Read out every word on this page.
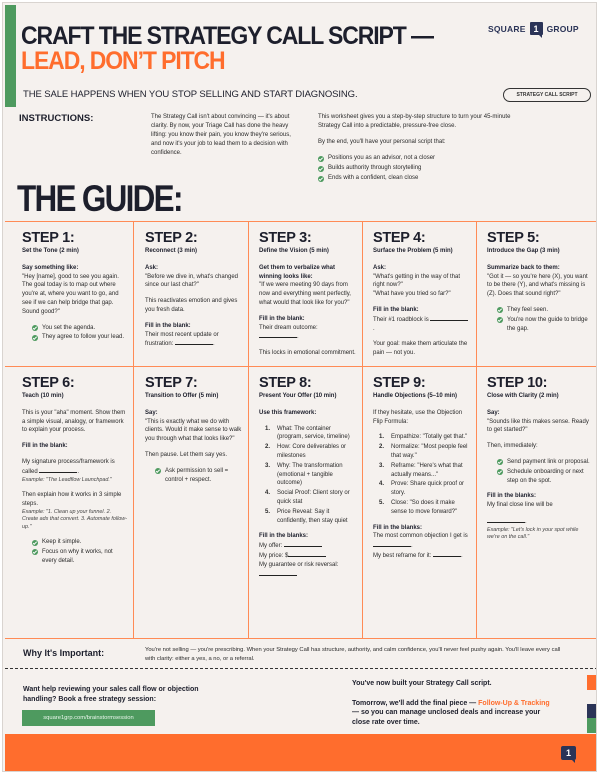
CRAFT THE STRATEGY CALL SCRIPT —
LEAD, DON’T PITCH
SQUARE 1 GROUP
THE SALE HAPPENS WHEN YOU STOP SELLING AND START DIAGNOSING.	STRATEGY CALL SCRIPT
INSTRUCTIONS:	The Strategy Call isn't about convincing — it's about clarity. By now, your Triage Call has done the heavy lifting: you know their pain, you know they're serious, and now it's your job to lead them to a decision with confidence.

This worksheet gives you a step-by-step structure to turn your 45-minute Strategy Call into a predictable, pressure-free close.

By the end, you'll have your personal script that:

Positions you as an advisor, not a closer
Builds authority through storytelling
Ends with a confident, clean close
THE GUIDE:
STEP 1:
Set the Tone (2 min)
Say something like:

"Hey [name], good to see you again. The goal today is to map out where you're at, where you want to go, and see if we can help bridge that gap. Sound good?"

You set the agenda.
They agree to follow your lead.
STEP 2:
Reconnect (3 min)
Ask:

"Before we dive in, what's changed since our last chat?"

This reactivates emotion and gives you fresh data.

Fill in the blank:
Their most recent update or frustration:	.
STEP 3:
Define the Vision (5 min)
Get them to verbalize what winning looks like:

"If we were meeting 90 days from now and everything went perfectly, what would that look like for you?"

Fill in the blank:
Their dream outcome:

.

This locks in emotional commitment.

STEP 4:
Surface the Problem (5 min)
Ask:
"What's getting in the way of that right now?"

"What have you tried so far?"

Fill in the blank:

Their #1 roadblock is .

Your goal: make them articulate the pain — not you.

STEP 5:
Introduce the Gap (3 min)
Summarize back to them:

"Got it — so you're here (X), you want to be there (Y), and what's missing is (Z). Does that sound right?"

They feel seen.
You're now the guide to bridge the gap.
STEP 6:
Teach (10 min)

This is your "aha" moment. Show them a simple visual, analogy, or framework to explain your process.

Fill in the blank:

My signature process/framework is called	.

Example: "The Leadflow Launchpad."

Then explain how it works in 3 simple steps.

Example: "1. Clean up your funnel. 2. Create ads that convert. 3. Automate follow-up."

Keep it simple.
Focus on why it works, not every detail.
STEP 7:
Transition to Offer (5 min)
Say:

"This is exactly what we do with clients. Would it make sense to walk you through what that looks like?"

Then pause. Let them say yes.

Ask permission to sell = control + respect.
STEP 8:
Present Your Offer (10 min)

Use this framework:

1.	What: The container (program, service, timeline)
2.	How: Core deliverables or milestones
3.	Why: The transformation (emotional + tangible outcome)
4.	Social Proof: Client story or quick stat
5.	Price Reveal: Say it confidently, then stay quiet
Fill in the blanks:
My offer:
My price: $
My guarantee or risk reversal:
STEP 9:
Handle Objections (5–10 min)

If they hesitate, use the Objection Flip Formula:

1.	Empathize: "Totally get that."
2.	Normalize: "Most people feel that way."
3.	Reframe: "Here's what that actually means..."
4.	Prove: Share quick proof or story.
5.	Close: "So does it make sense to move forward?"
Fill in the blanks:
The most common objection I get is .
My best reframe for it:	.
STEP 10:
Close with Clarity (2 min)
Say:

"Sounds like this makes sense. Ready to get started?"

Then, immediately:

Send payment link or proposal.
Schedule onboarding or next step on the spot.
Fill in the blanks:

My final close line will be

.
Example: "Let's lock in your spot while we're on the call."
Why It's Important:	You're not selling — you're prescribing. When your Strategy Call has structure, authority, and calm confidence, you'll never feel pushy again. You'll leave every call with clarity: either a yes, a no, or a referral.
Want help reviewing your sales call flow or objection handling? Book a free strategy session:
square1grp.com/brainstormsession

You've now built your Strategy Call script.

Tomorrow, we'll add the final piece — Follow-Up & Tracking — so you can manage unclosed deals and increase your close rate over time.

1
